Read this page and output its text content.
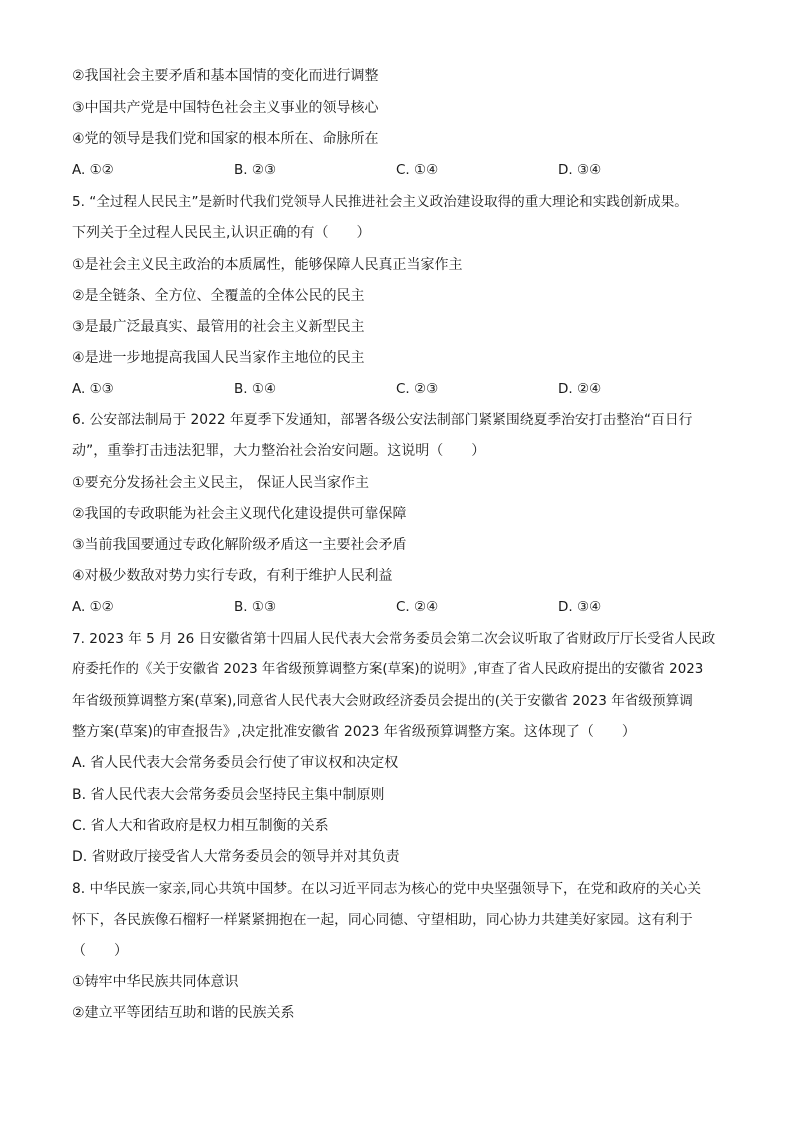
②我国社会主要矛盾和基本国情的变化而进行调整
③中国共产党是中国特色社会主义事业的领导核心
④党的领导是我们党和国家的根本所在、命脉所在
A. ①②	B. ②③	C. ①④	D. ③④
5. “全过程人民民主”是新时代我们党领导人民推进社会主义政治建设取得的重大理论和实践创新成果。
下列关于全过程人民民主,认识正确的有（　　）
①是社会主义民主政治的本质属性，能够保障人民真正当家作主
②是全链条、全方位、全覆盖的全体公民的民主
③是最广泛最真实、最管用的社会主义新型民主
④是进一步地提高我国人民当家作主地位的民主
A. ①③	B. ①④	C. ②③	D. ②④
6. 公安部法制局于 2022 年夏季下发通知，部署各级公安法制部门紧紧围绕夏季治安打击整治“百日行
动”，重拳打击违法犯罪，大力整治社会治安问题。这说明（　　）
①要充分发扬社会主义民主， 保证人民当家作主
②我国的专政职能为社会主义现代化建设提供可靠保障
③当前我国要通过专政化解阶级矛盾这一主要社会矛盾
④对极少数敌对势力实行专政，有利于维护人民利益
A. ①②	B. ①③	C. ②④	D. ③④
7. 2023 年 5 月 26 日安徽省第十四届人民代表大会常务委员会第二次会议听取了省财政厅厅长受省人民政
府委托作的《关于安徽省 2023 年省级预算调整方案(草案)的说明》,审查了省人民政府提出的安徽省 2023
年省级预算调整方案(草案),同意省人民代表大会财政经济委员会提出的(关于安徽省 2023 年省级预算调
整方案(草案)的审查报告》,决定批准安徽省 2023 年省级预算调整方案。这体现了（　　）
A. 省人民代表大会常务委员会行使了审议权和决定权
B. 省人民代表大会常务委员会坚持民主集中制原则
C. 省人大和省政府是权力相互制衡的关系
D. 省财政厅接受省人大常务委员会的领导并对其负责
8. 中华民族一家亲,同心共筑中国梦。在以习近平同志为核心的党中央坚强领导下，在党和政府的关心关
怀下，各民族像石榴籽一样紧紧拥抱在一起，同心同德、守望相助，同心协力共建美好家园。这有利于
（　　）
①铸牢中华民族共同体意识
②建立平等团结互助和谐的民族关系
